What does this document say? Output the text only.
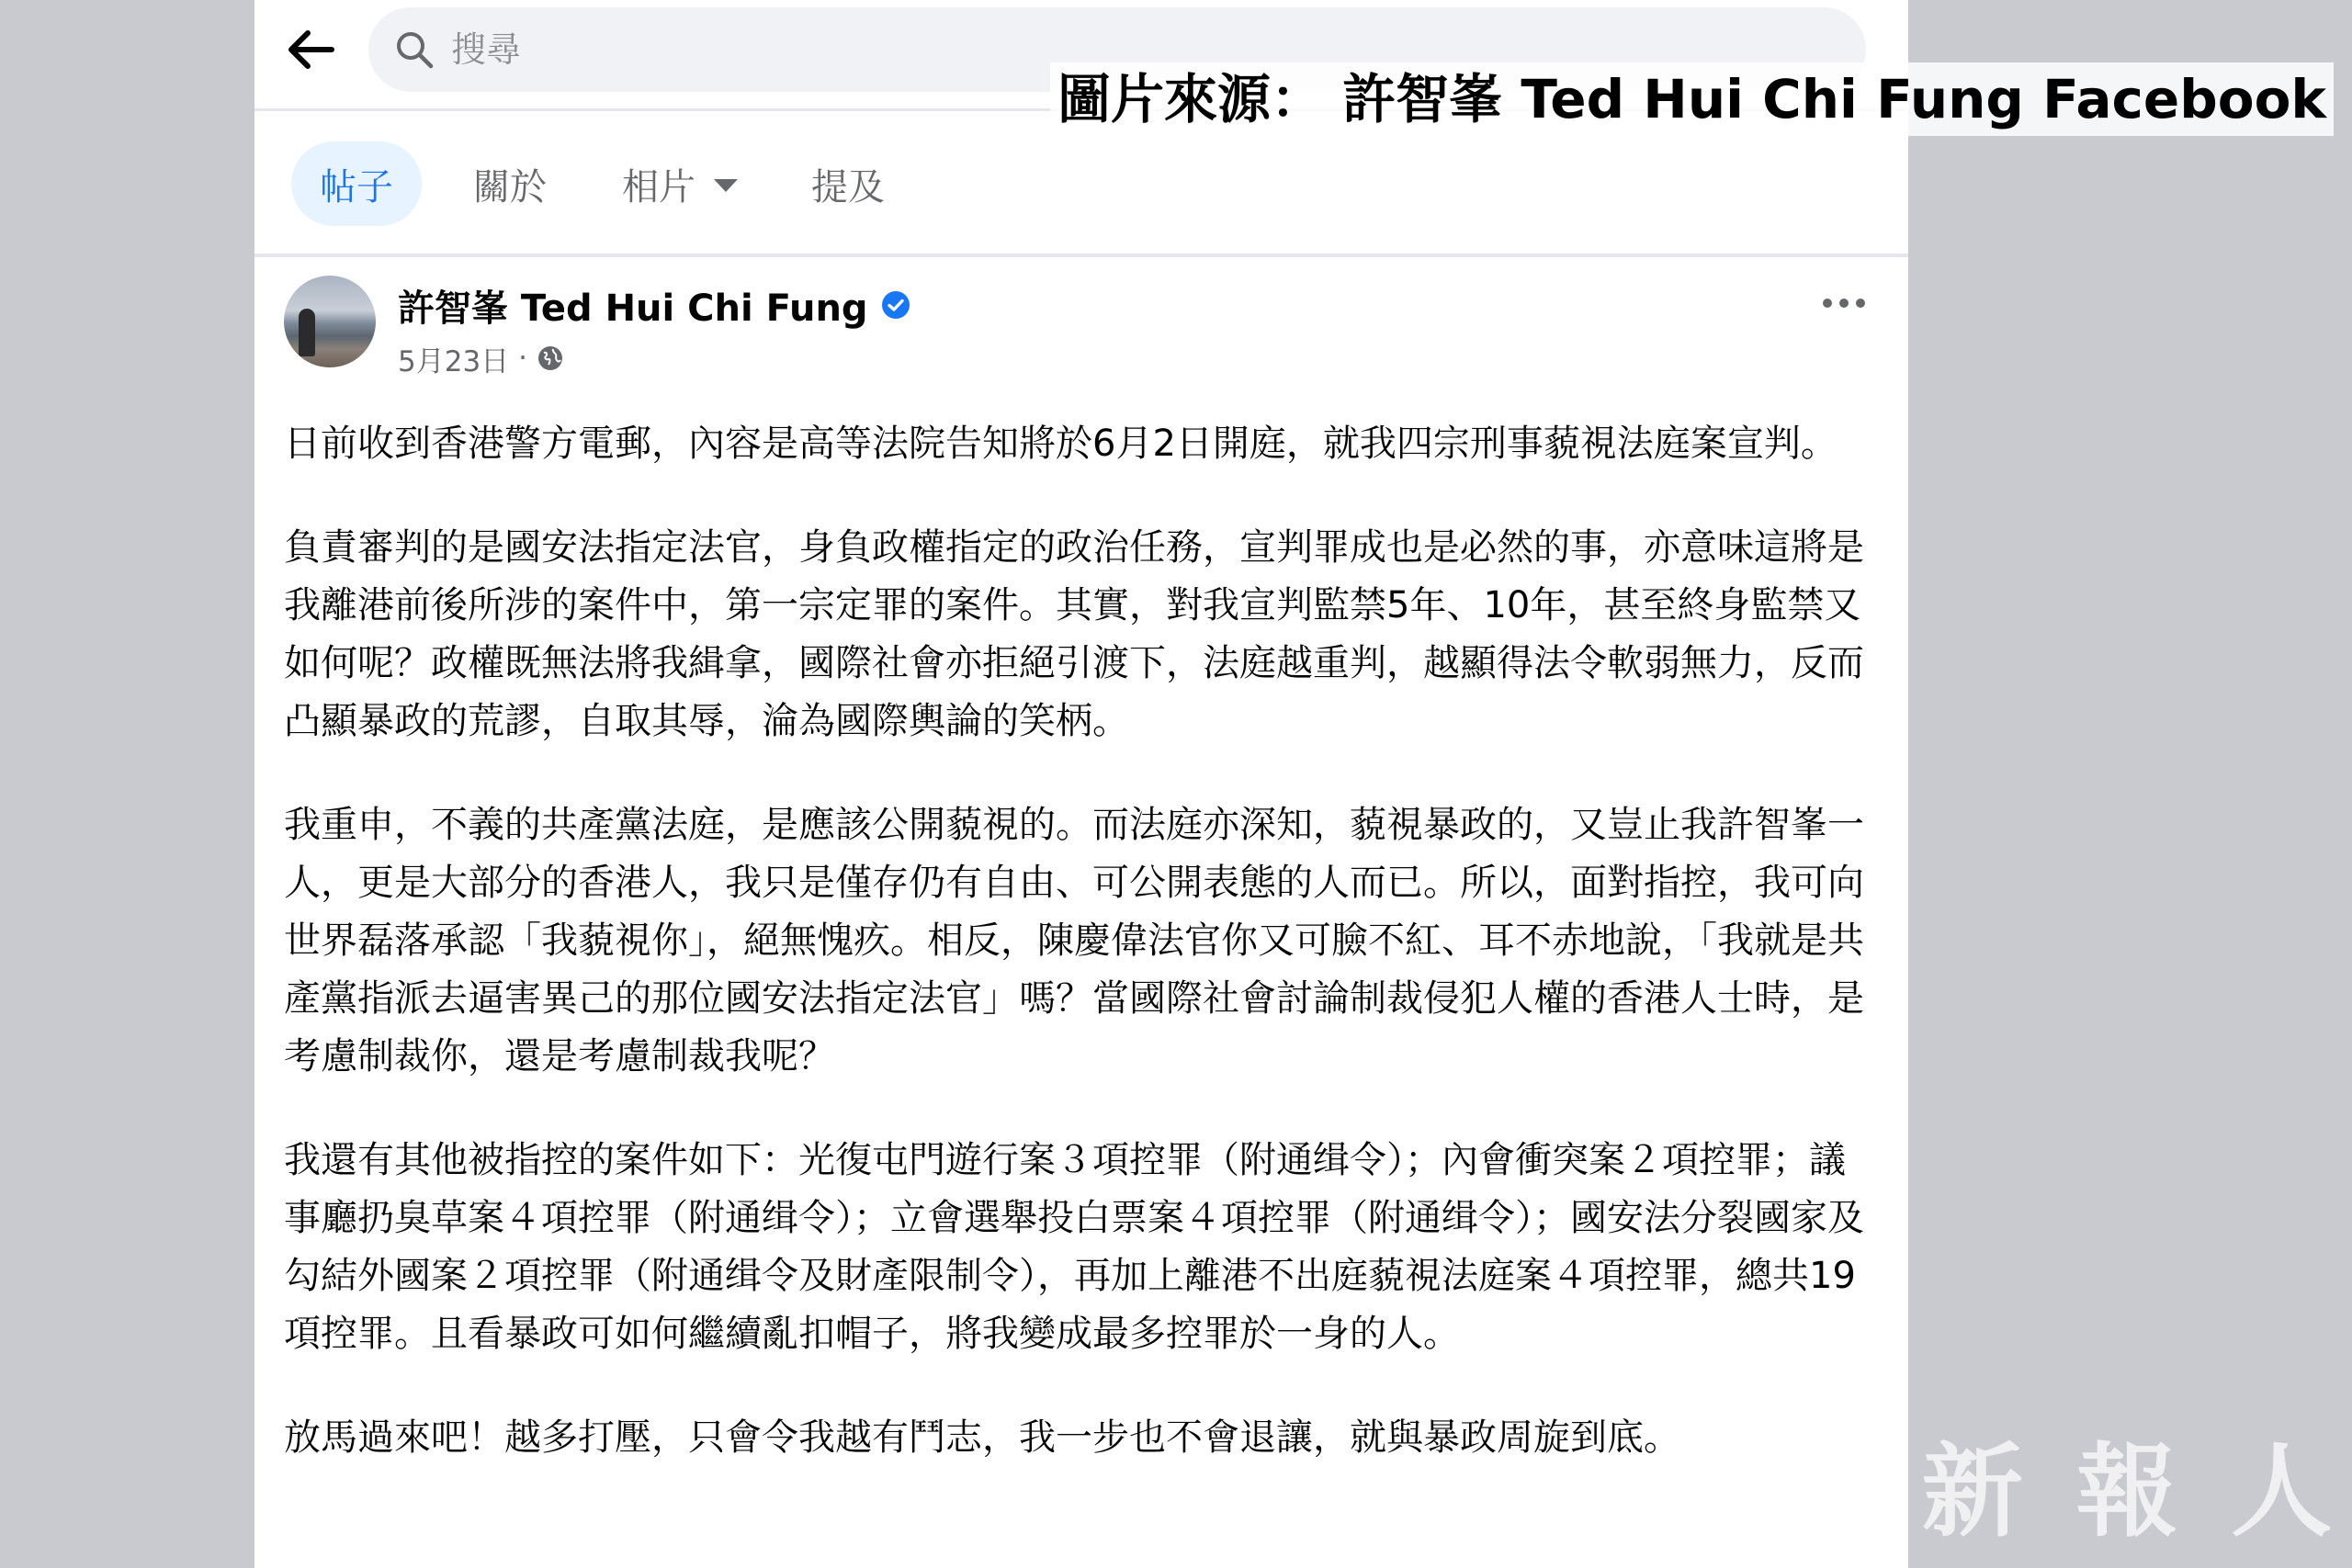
搜尋
帖子 關於 相片	提及
許智峯 Ted Hui Chi Fung
5月23日 ·

日前收到香港警方電郵，內容是高等法院告知將於6月2日開庭，就我四宗刑事藐視法庭案宣判。

負責審判的是國安法指定法官，身負政權指定的政治任務，宣判罪成也是必然的事，亦意味這將是我離港前後所涉的案件中，第一宗定罪的案件。其實，對我宣判監禁5年、10年，甚至終身監禁又如何呢？政權既無法將我緝拿，國際社會亦拒絕引渡下，法庭越重判，越顯得法令軟弱無力，反而凸顯暴政的荒謬，自取其辱，淪為國際輿論的笑柄。

我重申，不義的共產黨法庭，是應該公開藐視的。而法庭亦深知，藐視暴政的，又豈止我許智峯一人，更是大部分的香港人，我只是僅存仍有自由、可公開表態的人而已。所以，面對指控，我可向世界磊落承認「我藐視你」，絕無愧疚。相反，陳慶偉法官你又可臉不紅、耳不赤地說，「我就是共產黨指派去逼害異己的那位國安法指定法官」嗎？當國際社會討論制裁侵犯人權的香港人士時，是考慮制裁你，還是考慮制裁我呢？

我還有其他被指控的案件如下：光復屯門遊行案３項控罪（附通缉令）；內會衝突案２項控罪；議事廳扔臭草案４項控罪（附通缉令）；立會選舉投白票案４項控罪（附通缉令）；國安法分裂國家及勾結外國案２項控罪（附通缉令及財產限制令），再加上離港不出庭藐視法庭案４項控罪，總共19項控罪。且看暴政可如何繼續亂扣帽子，將我變成最多控罪於一身的人。

放馬過來吧！越多打壓，只會令我越有鬥志，我一步也不會退讓，就與暴政周旋到底。

圖片來源： 許智峯 Ted Hui Chi Fung Facebook
新 報 人
